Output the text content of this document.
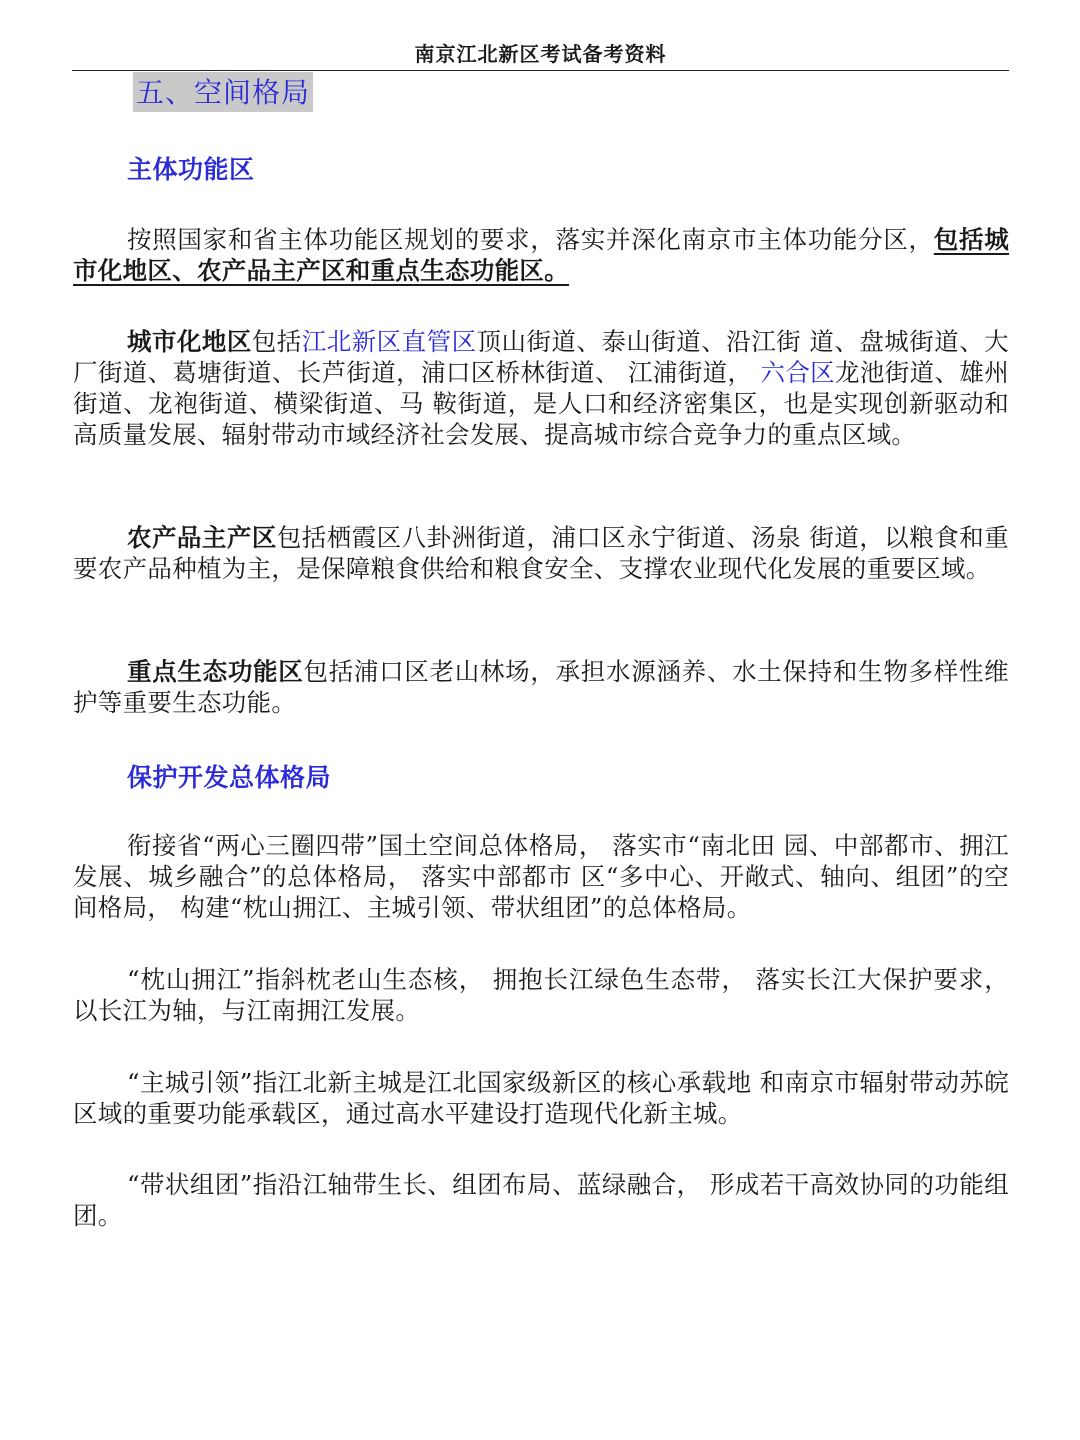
南京江北新区考试备考资料
五、空间格局
主体功能区
按照国家和省主体功能区规划的要求，落实并深化南京市主体功能分区，包括城市化地区、农产品主产区和重点生态功能区。
城市化地区包括江北新区直管区顶山街道、泰山街道、沿江街 道、盘城街道、大厂街道、葛塘街道、长芦街道，浦口区桥林街道、 江浦街道， 六合区龙池街道、雄州街道、龙袍街道、横梁街道、马 鞍街道，是人口和经济密集区，也是实现创新驱动和高质量发展、辐射带动市域经济社会发展、提高城市综合竞争力的重点区域。
农产品主产区包括栖霞区八卦洲街道，浦口区永宁街道、汤泉 街道，以粮食和重要农产品种植为主，是保障粮食供给和粮食安全、支撑农业现代化发展的重要区域。
重点生态功能区包括浦口区老山林场，承担水源涵养、水土保持和生物多样性维护等重要生态功能。
保护开发总体格局
衔接省“两心三圈四带”国土空间总体格局， 落实市“南北田 园、中部都市、拥江发展、城乡融合”的总体格局， 落实中部都市 区“多中心、开敞式、轴向、组团”的空间格局， 构建“枕山拥江、主城引领、带状组团”的总体格局。
“枕山拥江”指斜枕老山生态核， 拥抱长江绿色生态带， 落实长江大保护要求，以长江为轴，与江南拥江发展。
“主城引领”指江北新主城是江北国家级新区的核心承载地 和南京市辐射带动苏皖区域的重要功能承载区，通过高水平建设打造现代化新主城。
“带状组团”指沿江轴带生长、组团布局、蓝绿融合， 形成若干高效协同的功能组团。
